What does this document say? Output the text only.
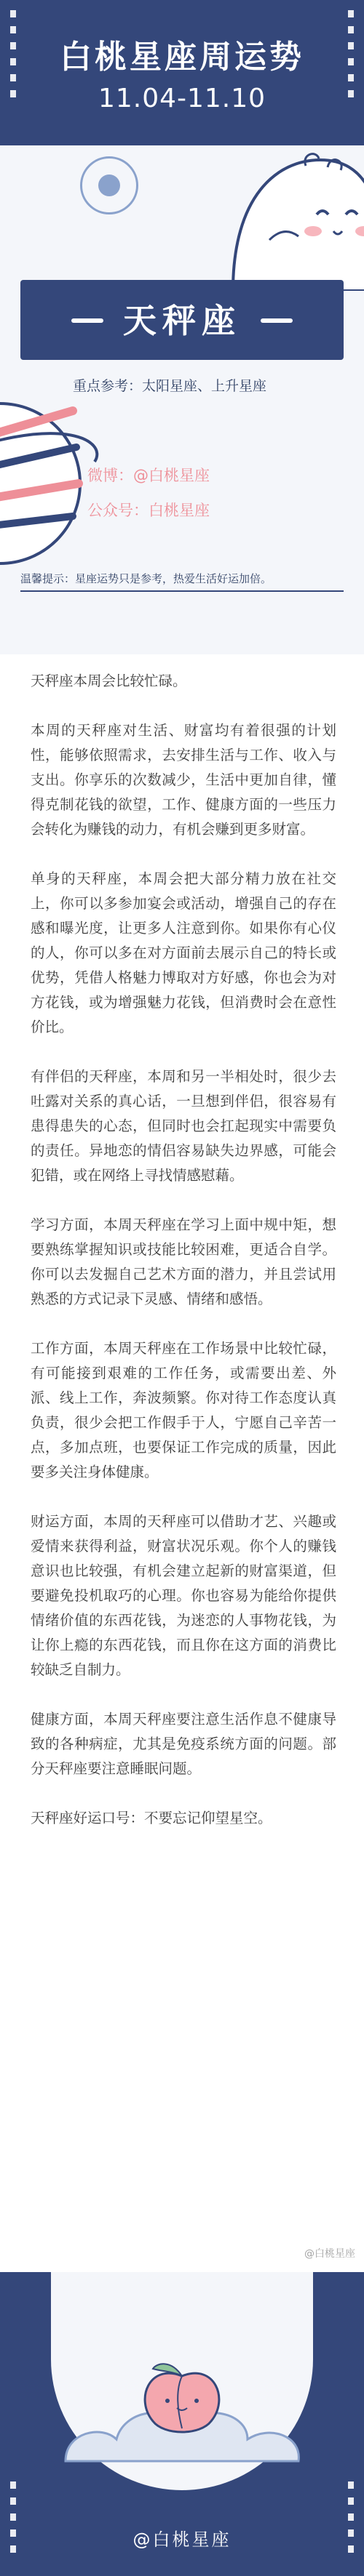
白桃星座周运势
11.04-11.10
天秤座
重点参考：太阳星座、上升星座
微博：@白桃星座
公众号：白桃星座
温馨提示：星座运势只是参考，热爱生活好运加倍。

天秤座本周会比较忙碌。

本周的天秤座对生活、财富均有着很强的计划性，能够依照需求，去安排生活与工作、收入与支出。你享乐的次数减少，生活中更加自律，懂得克制花钱的欲望，工作、健康方面的一些压力会转化为赚钱的动力，有机会赚到更多财富。

单身的天秤座，本周会把大部分精力放在社交上，你可以多参加宴会或活动，增强自己的存在感和曝光度，让更多人注意到你。如果你有心仪的人，你可以多在对方面前去展示自己的特长或优势，凭借人格魅力博取对方好感，你也会为对方花钱，或为增强魅力花钱，但消费时会在意性价比。

有伴侣的天秤座，本周和另一半相处时，很少去吐露对关系的真心话，一旦想到伴侣，很容易有患得患失的心态，但同时也会扛起现实中需要负的责任。异地恋的情侣容易缺失边界感，可能会犯错，或在网络上寻找情感慰藉。

学习方面，本周天秤座在学习上面中规中矩，想要熟练掌握知识或技能比较困难，更适合自学。你可以去发掘自己艺术方面的潜力，并且尝试用熟悉的方式记录下灵感、情绪和感悟。

工作方面，本周天秤座在工作场景中比较忙碌，有可能接到艰难的工作任务，或需要出差、外派、线上工作，奔波频繁。你对待工作态度认真负责，很少会把工作假手于人，宁愿自己辛苦一点，多加点班，也要保证工作完成的质量，因此要多关注身体健康。

财运方面，本周的天秤座可以借助才艺、兴趣或爱情来获得利益，财富状况乐观。你个人的赚钱意识也比较强，有机会建立起新的财富渠道，但要避免投机取巧的心理。你也容易为能给你提供情绪价值的东西花钱，为迷恋的人事物花钱，为让你上瘾的东西花钱，而且你在这方面的消费比较缺乏自制力。

健康方面，本周天秤座要注意生活作息不健康导致的各种病症，尤其是免疫系统方面的问题。部分天秤座要注意睡眠问题。

天秤座好运口号：不要忘记仰望星空。

@白桃星座
@白桃星座
